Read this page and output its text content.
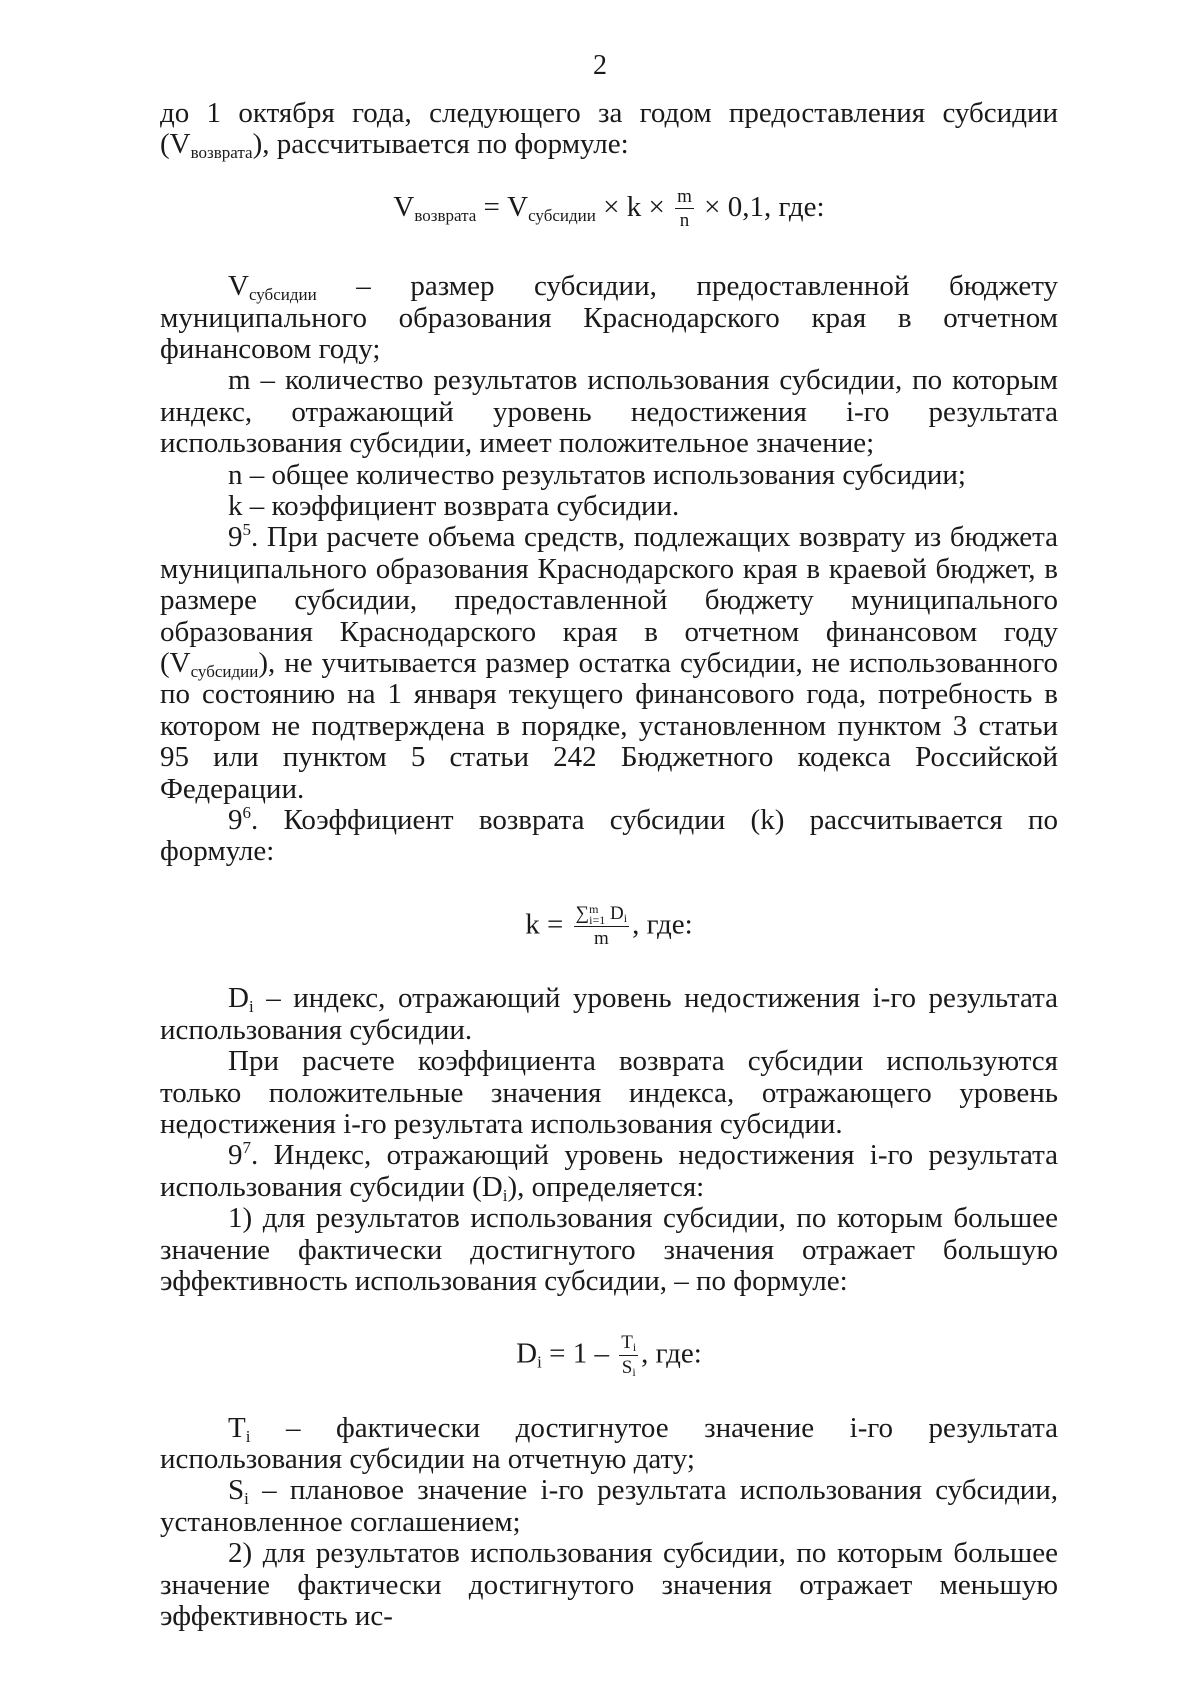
2

до 1 октября года, следующего за годом предоставления субсидии $(V_{возврата})$, рассчитывается по формуле:

$V_{возврата} = V_{субсидии} \times k \times \frac{m}{n} \times 0,1$, где:

$V_{субсидии}$ – размер субсидии, предоставленной бюджету муниципального образования Краснодарского края в отчетном финансовом году;

m – количество результатов использования субсидии, по которым индекс, отражающий уровень недостижения i-го результата использования субсидии, имеет положительное значение;

n – общее количество результатов использования субсидии;

k – коэффициент возврата субсидии.

$9^5$. При расчете объема средств, подлежащих возврату из бюджета муниципального образования Краснодарского края в краевой бюджет, в размере субсидии, предоставленной бюджету муниципального образования Краснодарского края в отчетном финансовом году $(V_{субсидии})$, не учитывается размер остатка субсидии, не использованного по состоянию на 1 января текущего финансового года, потребность в котором не подтверждена в порядке, установленном пунктом 3 статьи 95 или пунктом 5 статьи 242 Бюджетного кодекса Российской Федерации.

$9^6$. Коэффициент возврата субсидии (k) рассчитывается по формуле:

k = ∑ m
i=1 Di
m , где:

$D_i$ – индекс, отражающий уровень недостижения i-го результата использования субсидии.

При расчете коэффициента возврата субсидии используются только положительные значения индекса, отражающего уровень недостижения i-го результата использования субсидии.

$9^7$. Индекс, отражающий уровень недостижения i-го результата использования субсидии $(D_i)$, определяется:

1) для результатов использования субсидии, по которым большее значение фактически достигнутого значения отражает большую эффективность использования субсидии, – по формуле:

$D_i = 1 - \frac{Ti}{Si}$ , где:

$T_i$ – фактически достигнутое значение i-го результата использования субсидии на отчетную дату;

$S_i$ – плановое значение i-го результата использования субсидии, установленное соглашением;

2) для результатов использования субсидии, по которым большее значение фактически достигнутого значения отражает меньшую эффективность ис-
